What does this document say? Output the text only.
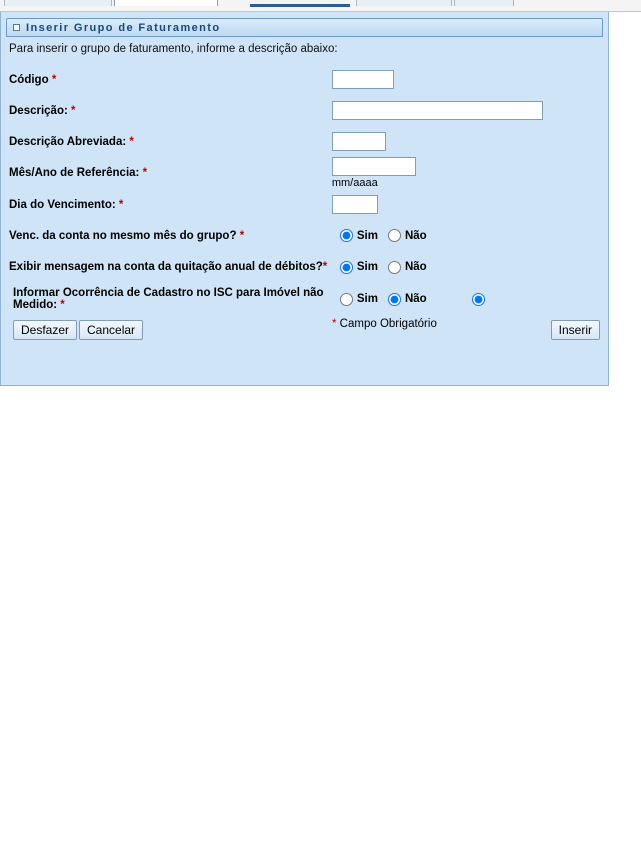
Inserir Grupo de Faturamento
Para inserir o grupo de faturamento, informe a descrição abaixo:
Código *	
Descrição: *	
Descrição Abreviada: *	
Mês/Ano de Referência: *	mm/aaaa

Dia do Vencimento: *	
Venc. da conta no mesmo mês do grupo? *	Sim Não

Exibir mensagem na conta da quitação anual de débitos?*	Sim Não

Informar Ocorrência de Cadastro no ISC para Imóvel não Medido: *	Sim Não
Desfazer	Cancelar	* Campo Obrigatório	Inserir
